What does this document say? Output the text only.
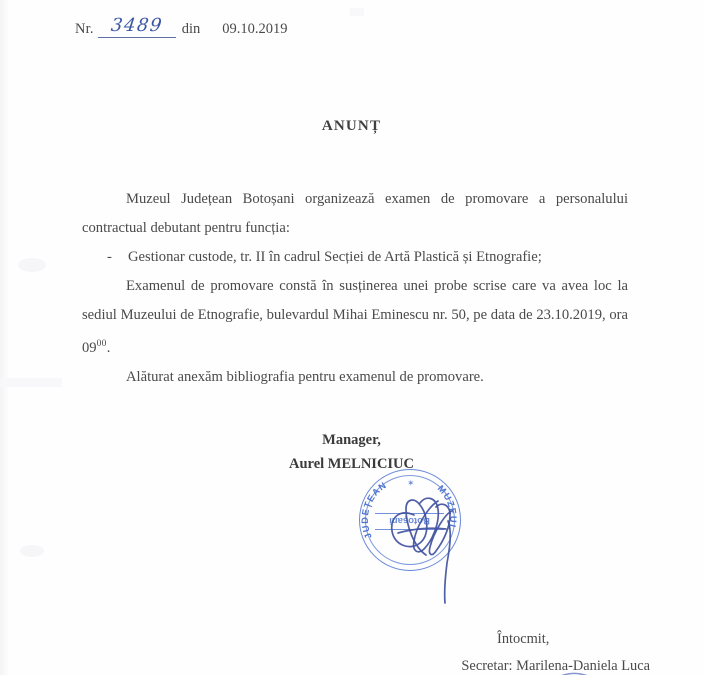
Nr. 3489	din 09.10.2019
ANUNȚ

Muzeul Județean Botoșani organizează examen de promovare a personalului contractual debutant pentru funcția:

-	Gestionar custode, tr. II în cadrul Secției de Artă Plastică și Etnografie;

Examenul de promovare constă în susținerea unei probe scrise care va avea loc la sediul Muzeului de Etnografie, bulevardul Mihai Eminescu nr. 50, pe data de 23.10.2019, ora $09^{00}$.

Alăturat anexăm bibliografia pentru examenul de promovare.

Manager,
Aurel MELNICIUC
JUDEȚEAN	MUZEUL
✶
Botoșani
Întocmit,
Secretar: Marilena-Daniela Luca
